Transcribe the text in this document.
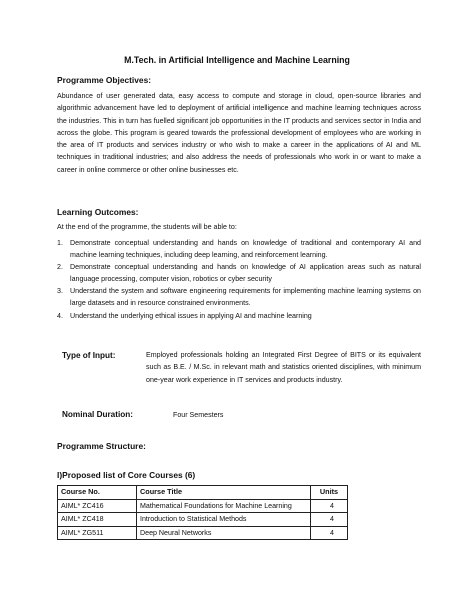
M.Tech. in Artificial Intelligence and Machine Learning
Programme Objectives:

Abundance of user generated data, easy access to compute and storage in cloud, open-source libraries and algorithmic advancement have led to deployment of artificial intelligence and machine learning techniques across the industries. This in turn has fuelled significant job opportunities in the IT products and services sector in India and across the globe. This program is geared towards the professional development of employees who are working in the area of IT products and services industry or who wish to make a career in the applications of AI and ML techniques in traditional industries; and also address the needs of professionals who work in or want to make a career in online commerce or other online businesses etc.

Learning Outcomes:
At the end of the programme, the students will be able to:
1. Demonstrate conceptual understanding and hands on knowledge of traditional and contemporary AI and machine learning techniques, including deep learning, and reinforcement learning.
2. Demonstrate conceptual understanding and hands on knowledge of AI application areas such as natural language processing, computer vision, robotics or cyber security
3. Understand the system and software engineering requirements for implementing machine learning systems on large datasets and in resource constrained environments.
4. Understand the underlying ethical issues in applying AI and machine learning
Type of Input:	Employed professionals holding an Integrated First Degree of BITS or its equivalent such as B.E. / M.Sc. in relevant math and statistics oriented disciplines, with minimum one-year work experience in IT services and products industry.
Nominal Duration:	Four Semesters
Programme Structure:
I)Proposed list of Core Courses (6)
Course No.	Course Title	Units
AIML* ZC416	Mathematical Foundations for Machine Learning	4
AIML* ZC418	Introduction to Statistical Methods	4
AIML* ZG511	Deep Neural Networks	4
